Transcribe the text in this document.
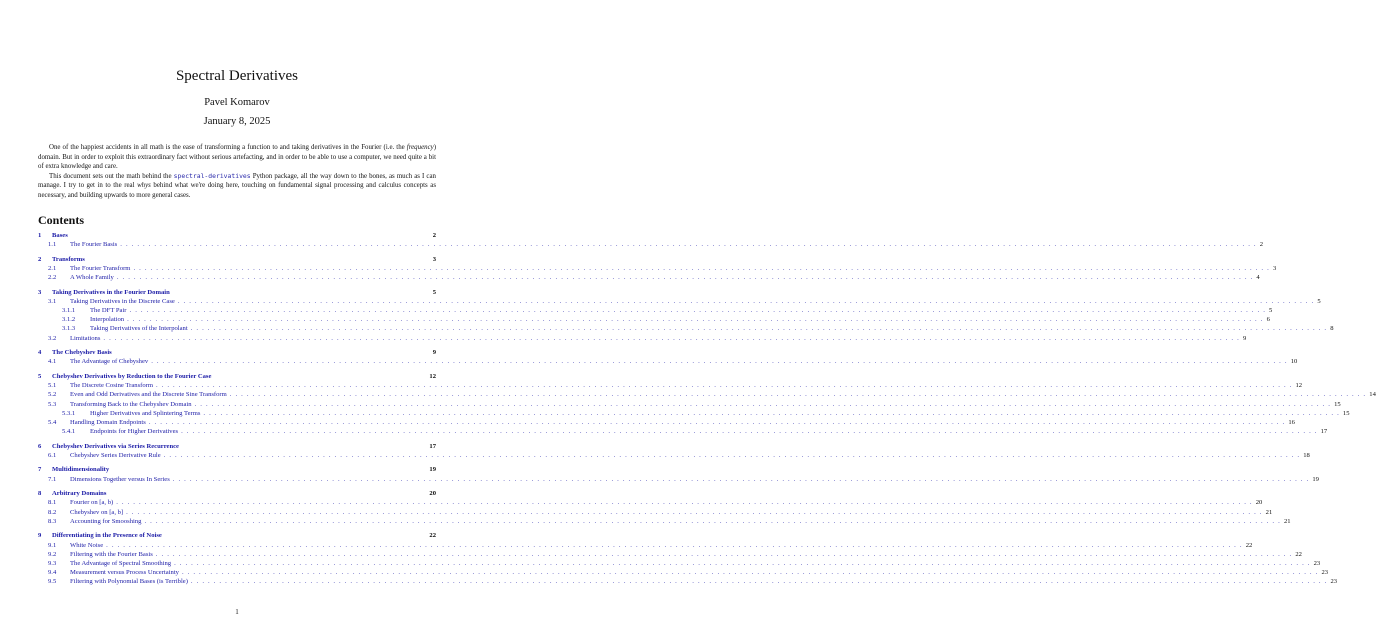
Spectral Derivatives
Pavel Komarov
January 8, 2025

One of the happiest accidents in all math is the ease of transforming a function to and taking derivatives in the Fourier (i.e. the frequency) domain. But in order to exploit this extraordinary fact without serious artefacting, and in order to be able to use a computer, we need quite a bit of extra knowledge and care.

This document sets out the math behind the spectral-derivatives Python package, all the way down to the bones, as much as I can manage. I try to get in to the real whys behind what we're doing here, touching on fundamental signal processing and calculus concepts as necessary, and building upwards to more general cases.

Contents
1	Bases	2
1.1	The Fourier Basis . . . . . . . . . . . . . . . . . . . . . . . . . . . . . . . . . . . . . . . . . . . . . . . . . . . . . . . . . . . . . . . . . . . . . . . . . . . . . . . . . . . . . . . . . . . . . . . . . . . . . . . . . . . . . . . . . . . . . . . . . . . . . . . . . . . . . . . . . . . . . . . . . . . . . . . . . . . . . . . . . . . . . . . . . . . . . . . . . . . . . . . . . . . . . . . . . . . . . . . . 2
2	Transforms	3
2.1	The Fourier Transform . . . . . . . . . . . . . . . . . . . . . . . . . . . . . . . . . . . . . . . . . . . . . . . . . . . . . . . . . . . . . . . . . . . . . . . . . . . . . . . . . . . . . . . . . . . . . . . . . . . . . . . . . . . . . . . . . . . . . . . . . . . . . . . . . . . . . . . . . . . . . . . . . . . . . . . . . . . . . . . . . . . . . . . . . . . . . . . . . . . . . . . . . . . . . . . . . . . . . . . . 3
2.2	A Whole Family . . . . . . . . . . . . . . . . . . . . . . . . . . . . . . . . . . . . . . . . . . . . . . . . . . . . . . . . . . . . . . . . . . . . . . . . . . . . . . . . . . . . . . . . . . . . . . . . . . . . . . . . . . . . . . . . . . . . . . . . . . . . . . . . . . . . . . . . . . . . . . . . . . . . . . . . . . . . . . . . . . . . . . . . . . . . . . . . . . . . . . . . . . . . . . . . . . . . . . . . 4
3	Taking Derivatives in the Fourier Domain	5
3.1	Taking Derivatives in the Discrete Case . . . . . . . . . . . . . . . . . . . . . . . . . . . . . . . . . . . . . . . . . . . . . . . . . . . . . . . . . . . . . . . . . . . . . . . . . . . . . . . . . . . . . . . . . . . . . . . . . . . . . . . . . . . . . . . . . . . . . . . . . . . . . . . . . . . . . . . . . . . . . . . . . . . . . . . . . . . . . . . . . . . . . . . . . . . . . . . . . . . . . . . . . . . . . . . . . . . . . . . . 5
3.1.1	The DFT Pair . . . . . . . . . . . . . . . . . . . . . . . . . . . . . . . . . . . . . . . . . . . . . . . . . . . . . . . . . . . . . . . . . . . . . . . . . . . . . . . . . . . . . . . . . . . . . . . . . . . . . . . . . . . . . . . . . . . . . . . . . . . . . . . . . . . . . . . . . . . . . . . . . . . . . . . . . . . . . . . . . . . . . . . . . . . . . . . . . . . . . . . . . . . . . . . . . . . . . . . . 5
3.1.2	Interpolation . . . . . . . . . . . . . . . . . . . . . . . . . . . . . . . . . . . . . . . . . . . . . . . . . . . . . . . . . . . . . . . . . . . . . . . . . . . . . . . . . . . . . . . . . . . . . . . . . . . . . . . . . . . . . . . . . . . . . . . . . . . . . . . . . . . . . . . . . . . . . . . . . . . . . . . . . . . . . . . . . . . . . . . . . . . . . . . . . . . . . . . . . . . . . . . . . . . . . . . . 6
3.1.3	Taking Derivatives of the Interpolant . . . . . . . . . . . . . . . . . . . . . . . . . . . . . . . . . . . . . . . . . . . . . . . . . . . . . . . . . . . . . . . . . . . . . . . . . . . . . . . . . . . . . . . . . . . . . . . . . . . . . . . . . . . . . . . . . . . . . . . . . . . . . . . . . . . . . . . . . . . . . . . . . . . . . . . . . . . . . . . . . . . . . . . . . . . . . . . . . . . . . . . . . . . . . . . . . . . . . . . . 8
3.2	Limitations . . . . . . . . . . . . . . . . . . . . . . . . . . . . . . . . . . . . . . . . . . . . . . . . . . . . . . . . . . . . . . . . . . . . . . . . . . . . . . . . . . . . . . . . . . . . . . . . . . . . . . . . . . . . . . . . . . . . . . . . . . . . . . . . . . . . . . . . . . . . . . . . . . . . . . . . . . . . . . . . . . . . . . . . . . . . . . . . . . . . . . . . . . . . . . . . . . . . . . . . 9
4	The Chebyshev Basis	9
4.1	The Advantage of Chebyshev . . . . . . . . . . . . . . . . . . . . . . . . . . . . . . . . . . . . . . . . . . . . . . . . . . . . . . . . . . . . . . . . . . . . . . . . . . . . . . . . . . . . . . . . . . . . . . . . . . . . . . . . . . . . . . . . . . . . . . . . . . . . . . . . . . . . . . . . . . . . . . . . . . . . . . . . . . . . . . . . . . . . . . . . . . . . . . . . . . . . . . . . . . . . . . . . . . . . . . . . 10
5	Chebyshev Derivatives by Reduction to the Fourier Case	12
5.1	The Discrete Cosine Transform . . . . . . . . . . . . . . . . . . . . . . . . . . . . . . . . . . . . . . . . . . . . . . . . . . . . . . . . . . . . . . . . . . . . . . . . . . . . . . . . . . . . . . . . . . . . . . . . . . . . . . . . . . . . . . . . . . . . . . . . . . . . . . . . . . . . . . . . . . . . . . . . . . . . . . . . . . . . . . . . . . . . . . . . . . . . . . . . . . . . . . . . . . . . . . . . . . . . . . . . 12
5.2	Even and Odd Derivatives and the Discrete Sine Transform . . . . . . . . . . . . . . . . . . . . . . . . . . . . . . . . . . . . . . . . . . . . . . . . . . . . . . . . . . . . . . . . . . . . . . . . . . . . . . . . . . . . . . . . . . . . . . . . . . . . . . . . . . . . . . . . . . . . . . . . . . . . . . . . . . . . . . . . . . . . . . . . . . . . . . . . . . . . . . . . . . . . . . . . . . . . . . . . . . . . . . . . . . . . . . . . . . . . . . . . 14
5.3	Transforming Back to the Chebyshev Domain . . . . . . . . . . . . . . . . . . . . . . . . . . . . . . . . . . . . . . . . . . . . . . . . . . . . . . . . . . . . . . . . . . . . . . . . . . . . . . . . . . . . . . . . . . . . . . . . . . . . . . . . . . . . . . . . . . . . . . . . . . . . . . . . . . . . . . . . . . . . . . . . . . . . . . . . . . . . . . . . . . . . . . . . . . . . . . . . . . . . . . . . . . . . . . . . . . . . . . . . 15
5.3.1	Higher Derivatives and Splintering Terms . . . . . . . . . . . . . . . . . . . . . . . . . . . . . . . . . . . . . . . . . . . . . . . . . . . . . . . . . . . . . . . . . . . . . . . . . . . . . . . . . . . . . . . . . . . . . . . . . . . . . . . . . . . . . . . . . . . . . . . . . . . . . . . . . . . . . . . . . . . . . . . . . . . . . . . . . . . . . . . . . . . . . . . . . . . . . . . . . . . . . . . . . . . . . . . . . . . . . . . . 15
5.4	Handling Domain Endpoints . . . . . . . . . . . . . . . . . . . . . . . . . . . . . . . . . . . . . . . . . . . . . . . . . . . . . . . . . . . . . . . . . . . . . . . . . . . . . . . . . . . . . . . . . . . . . . . . . . . . . . . . . . . . . . . . . . . . . . . . . . . . . . . . . . . . . . . . . . . . . . . . . . . . . . . . . . . . . . . . . . . . . . . . . . . . . . . . . . . . . . . . . . . . . . . . . . . . . . . . 16
5.4.1	Endpoints for Higher Derivatives . . . . . . . . . . . . . . . . . . . . . . . . . . . . . . . . . . . . . . . . . . . . . . . . . . . . . . . . . . . . . . . . . . . . . . . . . . . . . . . . . . . . . . . . . . . . . . . . . . . . . . . . . . . . . . . . . . . . . . . . . . . . . . . . . . . . . . . . . . . . . . . . . . . . . . . . . . . . . . . . . . . . . . . . . . . . . . . . . . . . . . . . . . . . . . . . . . . . . . . . 17
6	Chebyshev Derivatives via Series Recurrence	17
6.1	Chebyshev Series Derivative Rule . . . . . . . . . . . . . . . . . . . . . . . . . . . . . . . . . . . . . . . . . . . . . . . . . . . . . . . . . . . . . . . . . . . . . . . . . . . . . . . . . . . . . . . . . . . . . . . . . . . . . . . . . . . . . . . . . . . . . . . . . . . . . . . . . . . . . . . . . . . . . . . . . . . . . . . . . . . . . . . . . . . . . . . . . . . . . . . . . . . . . . . . . . . . . . . . . . . . . . . . 18
7	Multidimensionality	19
7.1	Dimensions Together versus In Series . . . . . . . . . . . . . . . . . . . . . . . . . . . . . . . . . . . . . . . . . . . . . . . . . . . . . . . . . . . . . . . . . . . . . . . . . . . . . . . . . . . . . . . . . . . . . . . . . . . . . . . . . . . . . . . . . . . . . . . . . . . . . . . . . . . . . . . . . . . . . . . . . . . . . . . . . . . . . . . . . . . . . . . . . . . . . . . . . . . . . . . . . . . . . . . . . . . . . . . . 19
8	Arbitrary Domains	20
8.1	Fourier on [a, b) . . . . . . . . . . . . . . . . . . . . . . . . . . . . . . . . . . . . . . . . . . . . . . . . . . . . . . . . . . . . . . . . . . . . . . . . . . . . . . . . . . . . . . . . . . . . . . . . . . . . . . . . . . . . . . . . . . . . . . . . . . . . . . . . . . . . . . . . . . . . . . . . . . . . . . . . . . . . . . . . . . . . . . . . . . . . . . . . . . . . . . . . . . . . . . . . . . . . . . . . 20
8.2	Chebyshev on [a, b] . . . . . . . . . . . . . . . . . . . . . . . . . . . . . . . . . . . . . . . . . . . . . . . . . . . . . . . . . . . . . . . . . . . . . . . . . . . . . . . . . . . . . . . . . . . . . . . . . . . . . . . . . . . . . . . . . . . . . . . . . . . . . . . . . . . . . . . . . . . . . . . . . . . . . . . . . . . . . . . . . . . . . . . . . . . . . . . . . . . . . . . . . . . . . . . . . . . . . . . . 21
8.3	Accounting for Smooshing . . . . . . . . . . . . . . . . . . . . . . . . . . . . . . . . . . . . . . . . . . . . . . . . . . . . . . . . . . . . . . . . . . . . . . . . . . . . . . . . . . . . . . . . . . . . . . . . . . . . . . . . . . . . . . . . . . . . . . . . . . . . . . . . . . . . . . . . . . . . . . . . . . . . . . . . . . . . . . . . . . . . . . . . . . . . . . . . . . . . . . . . . . . . . . . . . . . . . . . . 21
9	Differentiating in the Presence of Noise	22
9.1	White Noise . . . . . . . . . . . . . . . . . . . . . . . . . . . . . . . . . . . . . . . . . . . . . . . . . . . . . . . . . . . . . . . . . . . . . . . . . . . . . . . . . . . . . . . . . . . . . . . . . . . . . . . . . . . . . . . . . . . . . . . . . . . . . . . . . . . . . . . . . . . . . . . . . . . . . . . . . . . . . . . . . . . . . . . . . . . . . . . . . . . . . . . . . . . . . . . . . . . . . . . . 22
9.2	Filtering with the Fourier Basis . . . . . . . . . . . . . . . . . . . . . . . . . . . . . . . . . . . . . . . . . . . . . . . . . . . . . . . . . . . . . . . . . . . . . . . . . . . . . . . . . . . . . . . . . . . . . . . . . . . . . . . . . . . . . . . . . . . . . . . . . . . . . . . . . . . . . . . . . . . . . . . . . . . . . . . . . . . . . . . . . . . . . . . . . . . . . . . . . . . . . . . . . . . . . . . . . . . . . . . . 22
9.3	The Advantage of Spectral Smoothing . . . . . . . . . . . . . . . . . . . . . . . . . . . . . . . . . . . . . . . . . . . . . . . . . . . . . . . . . . . . . . . . . . . . . . . . . . . . . . . . . . . . . . . . . . . . . . . . . . . . . . . . . . . . . . . . . . . . . . . . . . . . . . . . . . . . . . . . . . . . . . . . . . . . . . . . . . . . . . . . . . . . . . . . . . . . . . . . . . . . . . . . . . . . . . . . . . . . . . . . 23
9.4	Measurement versus Process Uncertainty . . . . . . . . . . . . . . . . . . . . . . . . . . . . . . . . . . . . . . . . . . . . . . . . . . . . . . . . . . . . . . . . . . . . . . . . . . . . . . . . . . . . . . . . . . . . . . . . . . . . . . . . . . . . . . . . . . . . . . . . . . . . . . . . . . . . . . . . . . . . . . . . . . . . . . . . . . . . . . . . . . . . . . . . . . . . . . . . . . . . . . . . . . . . . . . . . . . . . . . . 23
9.5	Filtering with Polynomial Bases (is Terrible) . . . . . . . . . . . . . . . . . . . . . . . . . . . . . . . . . . . . . . . . . . . . . . . . . . . . . . . . . . . . . . . . . . . . . . . . . . . . . . . . . . . . . . . . . . . . . . . . . . . . . . . . . . . . . . . . . . . . . . . . . . . . . . . . . . . . . . . . . . . . . . . . . . . . . . . . . . . . . . . . . . . . . . . . . . . . . . . . . . . . . . . . . . . . . . . . . . . . . . . . 23
1
